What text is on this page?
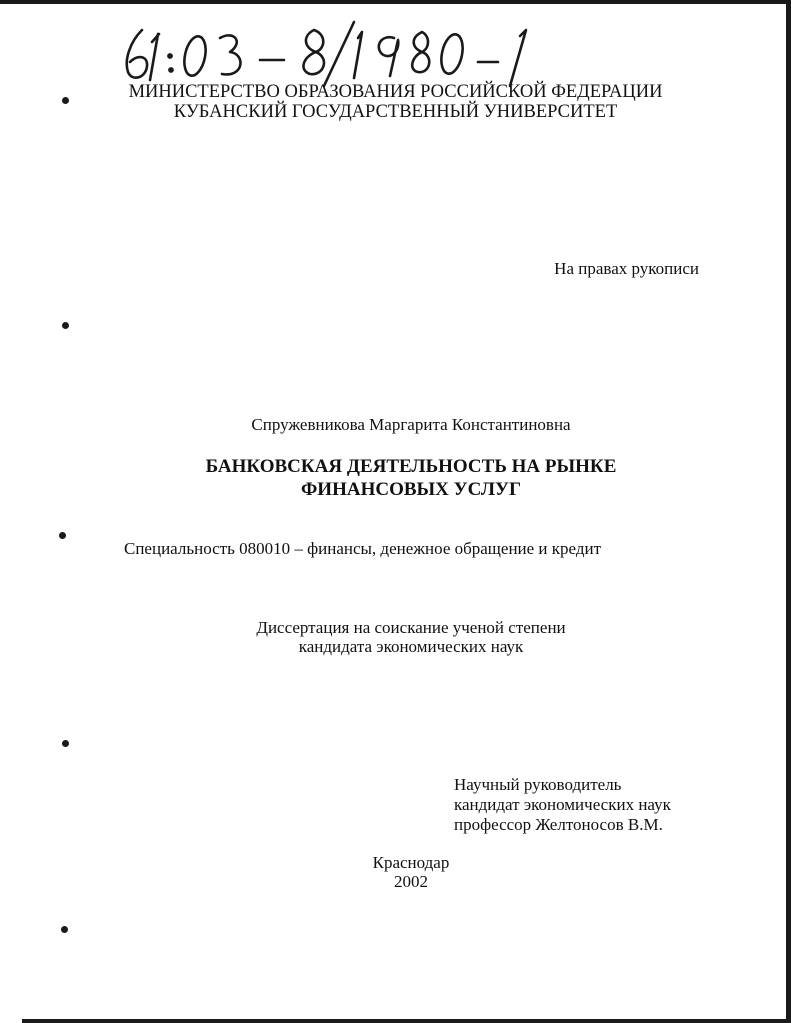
МИНИСТЕРСТВО ОБРАЗОВАНИЯ РОССИЙСКОЙ ФЕДЕРАЦИИ
КУБАНСКИЙ ГОСУДАРСТВЕННЫЙ УНИВЕРСИТЕТ
На правах рукописи
Спружевникова Маргарита Константиновна
БАНКОВСКАЯ ДЕЯТЕЛЬНОСТЬ НА РЫНКЕ
ФИНАНСОВЫХ УСЛУГ
Специальность 080010 – финансы, денежное обращение и кредит
Диссертация на соискание ученой степени
кандидата экономических наук
Научный руководитель
кандидат экономических наук
профессор Желтоносов В.М.
Краснодар
2002
